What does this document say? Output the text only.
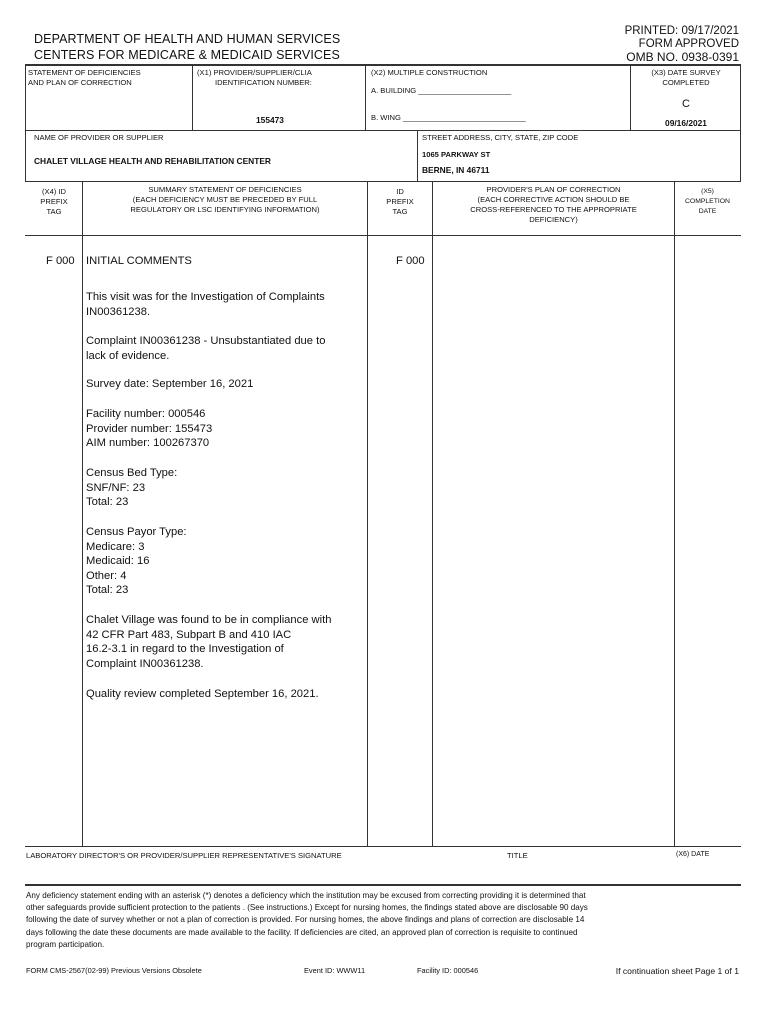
DEPARTMENT OF HEALTH AND HUMAN SERVICES
CENTERS FOR MEDICARE & MEDICAID SERVICES
PRINTED: 09/17/2021
FORM APPROVED
OMB NO. 0938-0391
STATEMENT OF DEFICIENCIES
AND PLAN OF CORRECTION
(X1) PROVIDER/SUPPLIER/CLIA
IDENTIFICATION NUMBER:
155473
(X2) MULTIPLE CONSTRUCTION
A. BUILDING ______________________
B. WING _____________________________
(X3) DATE SURVEY
COMPLETED
C
09/16/2021
NAME OF PROVIDER OR SUPPLIER
CHALET VILLAGE HEALTH AND REHABILITATION CENTER
STREET ADDRESS, CITY, STATE, ZIP CODE
1065 PARKWAY ST
BERNE, IN 46711
(X4) ID
PREFIX
TAG
SUMMARY STATEMENT OF DEFICIENCIES
(EACH DEFICIENCY MUST BE PRECEDED BY FULL
REGULATORY OR LSC IDENTIFYING INFORMATION)
ID
PREFIX
TAG
PROVIDER'S PLAN OF CORRECTION
(EACH CORRECTIVE ACTION SHOULD BE
CROSS-REFERENCED TO THE APPROPRIATE
DEFICIENCY)
(X5)
COMPLETION
DATE
F 000 INITIAL COMMENTS	F 000
This visit was for the Investigation of Complaints
IN00361238.
Complaint IN00361238 - Unsubstantiated due to
lack of evidence.
Survey date: September 16, 2021
Facility number: 000546
Provider number: 155473
AIM number: 100267370
Census Bed Type:
SNF/NF: 23
Total: 23
Census Payor Type:
Medicare: 3
Medicaid: 16
Other: 4
Total: 23
Chalet Village was found to be in compliance with
42 CFR Part 483, Subpart B and 410 IAC
16.2-3.1 in regard to the Investigation of
Complaint IN00361238.
Quality review completed September 16, 2021.
LABORATORY DIRECTOR'S OR PROVIDER/SUPPLIER REPRESENTATIVE'S SIGNATURE	TITLE	(X6) DATE
Any deficiency statement ending with an asterisk (*) denotes a deficiency which the institution may be excused from correcting providing it is determined that
other safeguards provide sufficient protection to the patients . (See instructions.) Except for nursing homes, the findings stated above are disclosable 90 days
following the date of survey whether or not a plan of correction is provided. For nursing homes, the above findings and plans of correction are disclosable 14
days following the date these documents are made available to the facility. If deficiencies are cited, an approved plan of correction is requisite to continued
program participation.
FORM CMS-2567(02-99) Previous Versions Obsolete	Event ID: WWW11	Facility ID: 000546	If continuation sheet Page 1 of 1
